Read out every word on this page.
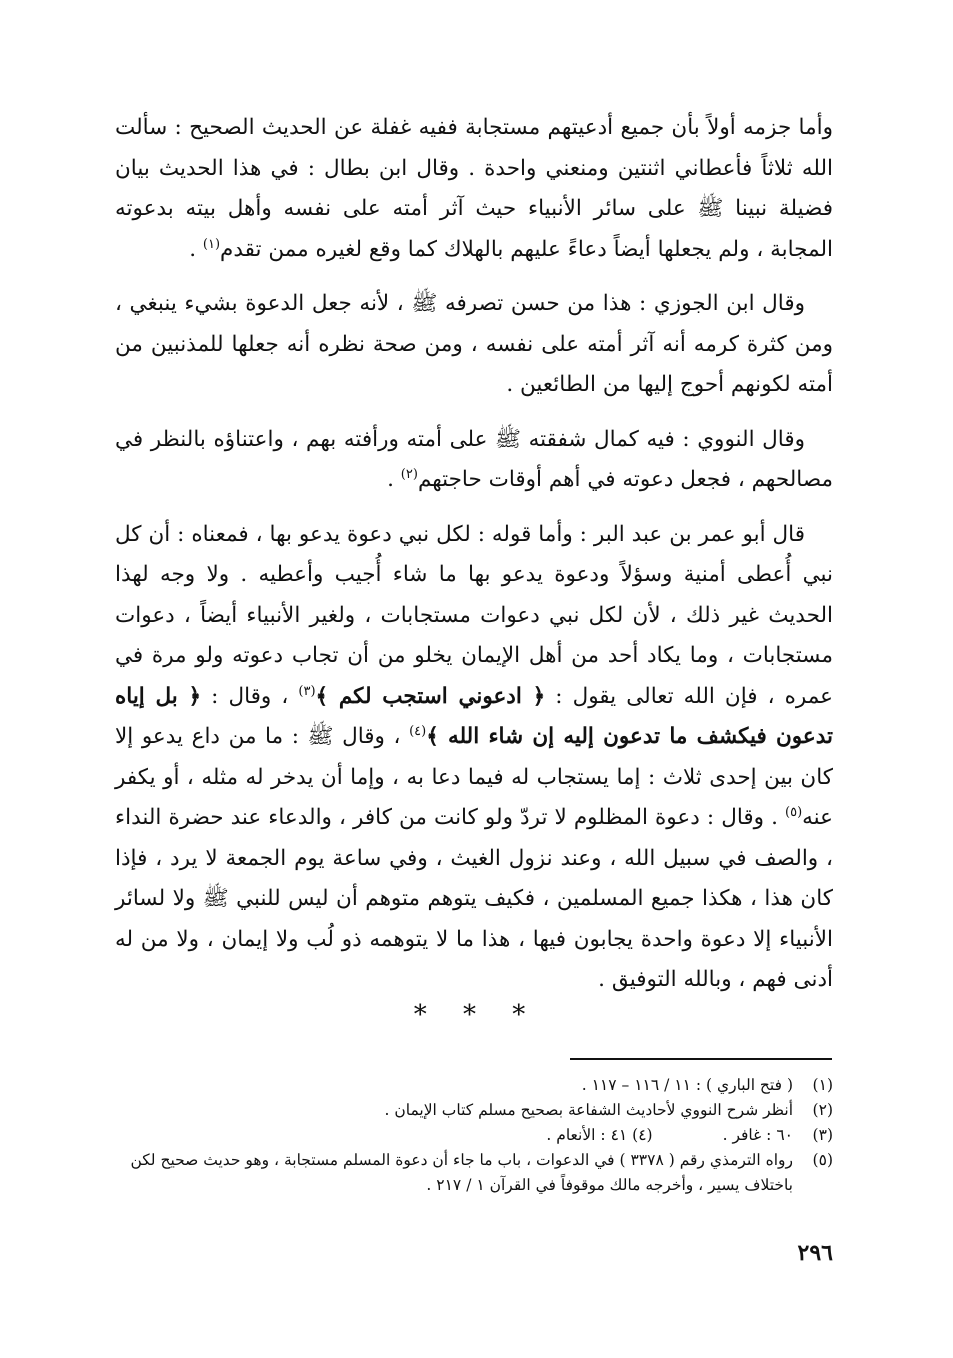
وأما جزمه أولاً بأن جميع أدعيتهم مستجابة ففيه غفلة عن الحديث الصحيح : سألت الله ثلاثاً فأعطاني اثنتين ومنعني واحدة . وقال ابن بطال : في هذا الحديث بيان فضيلة نبينا ﷺ على سائر الأنبياء حيث آثر أمته على نفسه وأهل بيته بدعوته المجابة ، ولم يجعلها أيضاً دعاءً عليهم بالهلاك كما وقع لغيره ممن تقدم$^{(١)}$ .

وقال ابن الجوزي : هذا من حسن تصرفه ﷺ ، لأنه جعل الدعوة بشيء ينبغي ، ومن كثرة كرمه أنه آثر أمته على نفسه ، ومن صحة نظره أنه جعلها للمذنبين من أمته لكونهم أحوج إليها من الطائعين .

وقال النووي : فيه كمال شفقته ﷺ على أمته ورأفته بهم ، واعتناؤه بالنظر في مصالحهم ، فجعل دعوته في أهم أوقات حاجتهم$^{(٢)}$ .

قال أبو عمر بن عبد البر : وأما قوله : لكل نبي دعوة يدعو بها ، فمعناه : أن كل نبي أُعطى أمنية وسؤلاً ودعوة يدعو بها ما شاء أُجيب وأعطيه . ولا وجه لهذا الحديث غير ذلك ، لأن لكل نبي دعوات مستجابات ، ولغير الأنبياء أيضاً ، دعوات مستجابات ، وما يكاد أحد من أهل الإيمان يخلو من أن تجاب دعوته ولو مرة في عمره ، فإن الله تعالى يقول : ﴿ ادعوني استجب لكم ﴾$^{(٣)}$ ، وقال : ﴿ بل إياه تدعون فيكشف ما تدعون إليه إن شاء الله ﴾$^{(٤)}$ ، وقال ﷺ : ما من داع يدعو إلا كان بين إحدى ثلاث : إما يستجاب له فيما دعا به ، وإما أن يدخر له مثله ، أو يكفر عنه$^{(٥)}$ . وقال : دعوة المظلوم لا تردّ ولو كانت من كافر ، والدعاء عند حضرة النداء ، والصف في سبيل الله ، وعند نزول الغيث ، وفي ساعة يوم الجمعة لا يرد ، فإذا كان هذا ، هكذا جميع المسلمين ، فكيف يتوهم متوهم أن ليس للنبي ﷺ ولا لسائر الأنبياء إلا دعوة واحدة يجابون فيها ، هذا ما لا يتوهمه ذو لُب ولا إيمان ، ولا من له أدنى فهم ، وبالله التوفيق .

* * *
(١)
( فتح الباري ) : ١١ / ١١٦ – ١١٧ .
(٢)
أنظر شرح النووي لأحاديث الشفاعة بصحيح مسلم كتاب الإيمان .
(٣)
٦٠ : غافر .(٤) ٤١ : الأنعام .
(٥)
رواه الترمذي رقم ( ٣٣٧٨ ) في الدعوات ، باب ما جاء أن دعوة المسلم مستجابة ، وهو حديث صحيح لكن باختلاف يسير ، وأخرجه مالك موقوفاً في القرآن ١ / ٢١٧ .
٢٩٦
